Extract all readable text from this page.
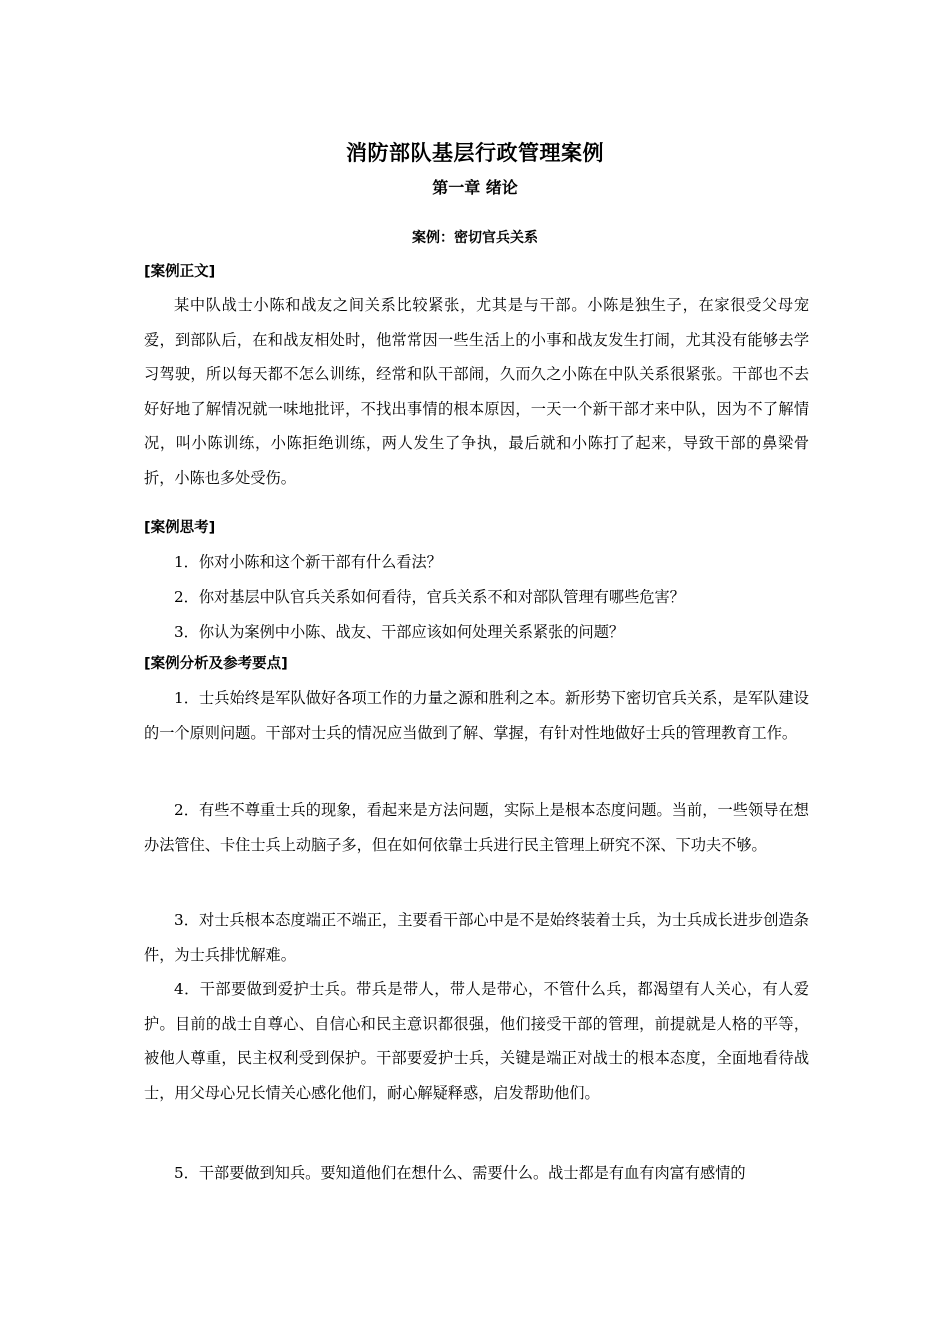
消防部队基层行政管理案例
第一章 绪论
案例：密切官兵关系
[案例正文]

某中队战士小陈和战友之间关系比较紧张，尤其是与干部。小陈是独生子，在家很受父母宠爱，到部队后，在和战友相处时，他常常因一些生活上的小事和战友发生打闹，尤其没有能够去学习驾驶，所以每天都不怎么训练，经常和队干部闹，久而久之小陈在中队关系很紧张。干部也不去好好地了解情况就一味地批评，不找出事情的根本原因，一天一个新干部才来中队，因为不了解情况，叫小陈训练，小陈拒绝训练，两人发生了争执，最后就和小陈打了起来，导致干部的鼻梁骨折，小陈也多处受伤。

[案例思考]

1．你对小陈和这个新干部有什么看法？

2．你对基层中队官兵关系如何看待，官兵关系不和对部队管理有哪些危害？

3．你认为案例中小陈、战友、干部应该如何处理关系紧张的问题？

[案例分析及参考要点]

1．士兵始终是军队做好各项工作的力量之源和胜利之本。新形势下密切官兵关系，是军队建设的一个原则问题。干部对士兵的情况应当做到了解、掌握，有针对性地做好士兵的管理教育工作。

2．有些不尊重士兵的现象，看起来是方法问题，实际上是根本态度问题。当前，一些领导在想办法管住、卡住士兵上动脑子多，但在如何依靠士兵进行民主管理上研究不深、下功夫不够。

3．对士兵根本态度端正不端正，主要看干部心中是不是始终装着士兵，为士兵成长进步创造条件，为士兵排忧解难。

4．干部要做到爱护士兵。带兵是带人，带人是带心，不管什么兵，都渴望有人关心，有人爱护。目前的战士自尊心、自信心和民主意识都很强，他们接受干部的管理，前提就是人格的平等，被他人尊重，民主权利受到保护。干部要爱护士兵，关键是端正对战士的根本态度，全面地看待战士，用父母心兄长情关心感化他们，耐心解疑释惑，启发帮助他们。

5．干部要做到知兵。要知道他们在想什么、需要什么。战士都是有血有肉富有感情的
